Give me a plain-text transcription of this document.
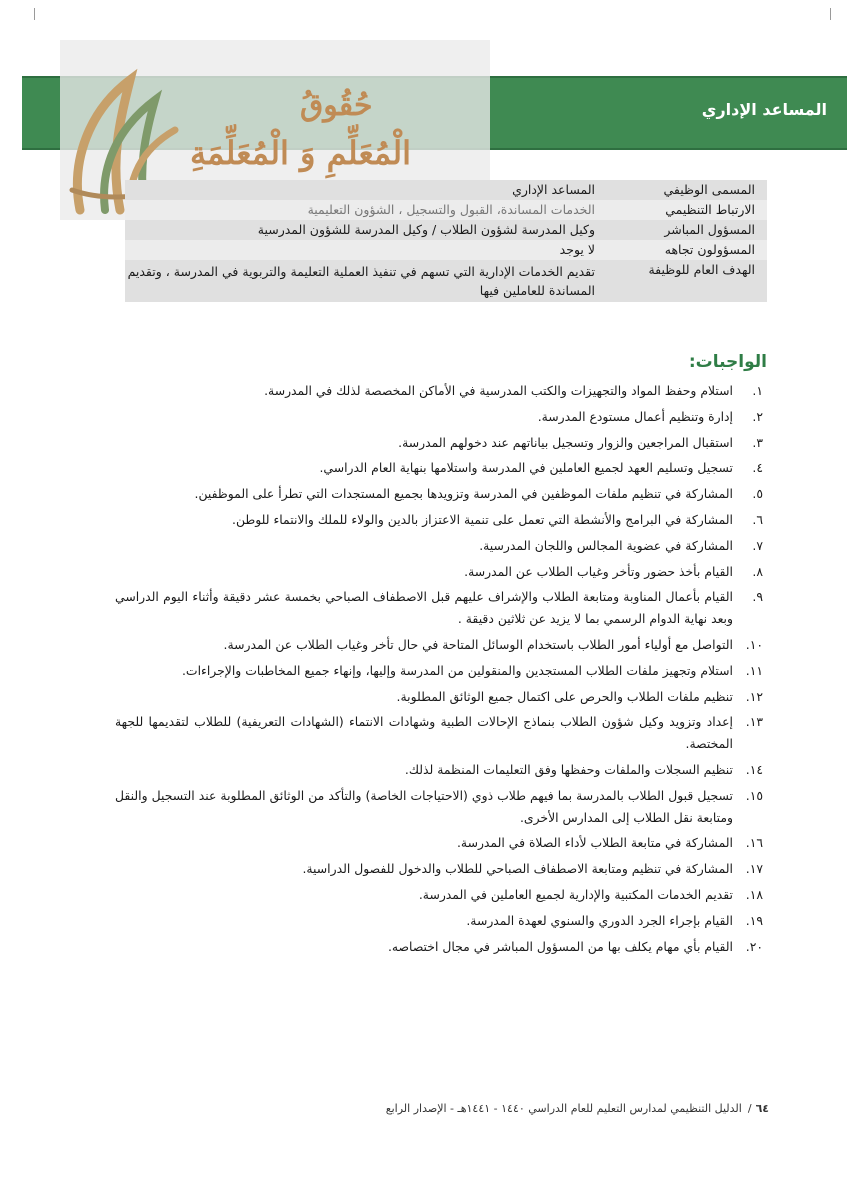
المساعد الإداري
حُقُوقُ
الْمُعَلِّمِ وَ الْمُعَلِّمَةِ
المسمى الوظيفي
المساعد الإداري
الارتباط التنظيمي
الخدمات المساندة، القبول والتسجيل ، الشؤون التعليمية
المسؤول المباشر
وكيل المدرسة لشؤون الطلاب / وكيل المدرسة للشؤون المدرسية
المسؤولون تجاهه
لا يوجد
الهدف العام للوظيفة
تقديم الخدمات الإدارية التي تسهم في تنفيذ العملية التعليمة والتربوية في المدرسة ، وتقديم المساندة للعاملين فيها
الواجبات:
١.
استلام وحفظ المواد والتجهيزات والكتب المدرسية في الأماكن المخصصة لذلك في المدرسة.
٢.
إدارة وتنظيم أعمال مستودع المدرسة.
٣.
استقبال المراجعين والزوار وتسجيل بياناتهم عند دخولهم المدرسة.
٤.
تسجيل وتسليم العهد لجميع العاملين في المدرسة واستلامها بنهاية العام الدراسي.
٥.
المشاركة في تنظيم ملفات الموظفين في المدرسة وتزويدها بجميع المستجدات التي تطرأ على الموظفين.
٦.
المشاركة في البرامج والأنشطة التي تعمل على تنمية الاعتزاز بالدين والولاء للملك والانتماء للوطن.
٧.
المشاركة في عضوية المجالس واللجان المدرسية.
٨.
القيام بأخذ حضور وتأخر وغياب الطلاب عن المدرسة.
٩.
القيام بأعمال المناوبة ومتابعة الطلاب والإشراف عليهم قبل الاصطفاف الصباحي بخمسة عشر دقيقة وأثناء اليوم الدراسي وبعد نهاية الدوام الرسمي بما لا يزيد عن ثلاثين دقيقة .
١٠.
التواصل مع أولياء أمور الطلاب باستخدام الوسائل المتاحة في حال تأخر وغياب الطلاب عن المدرسة.
١١.
استلام وتجهيز ملفات الطلاب المستجدين والمنقولين من المدرسة وإليها، وإنهاء جميع المخاطبات والإجراءات.
١٢.
تنظيم ملفات الطلاب والحرص على اكتمال جميع الوثائق المطلوبة.
١٣.
إعداد وتزويد وكيل شؤون الطلاب بنماذج الإحالات الطبية وشهادات الانتماء (الشهادات التعريفية) للطلاب لتقديمها للجهة المختصة.
١٤.
تنظيم السجلات والملفات وحفظها وفق التعليمات المنظمة لذلك.
١٥.
تسجيل قبول الطلاب بالمدرسة بما فيهم طلاب ذوي (الاحتياجات الخاصة) والتأكد من الوثائق المطلوبة عند التسجيل والنقل ومتابعة نقل الطلاب إلى المدارس الأخرى.
١٦.
المشاركة في متابعة الطلاب لأداء الصلاة في المدرسة.
١٧.
المشاركة في تنظيم ومتابعة الاصطفاف الصباحي للطلاب والدخول للفصول الدراسية.
١٨.
تقديم الخدمات المكتبية والإدارية لجميع العاملين في المدرسة.
١٩.
القيام بإجراء الجرد الدوري والسنوي لعهدة المدرسة.
٢٠.
القيام بأي مهام يكلف بها من المسؤول المباشر في مجال اختصاصه.
٦٤/الدليل التنظيمي لمدارس التعليم للعام الدراسي ١٤٤٠ - ١٤٤١هـ - الإصدار الرابع
